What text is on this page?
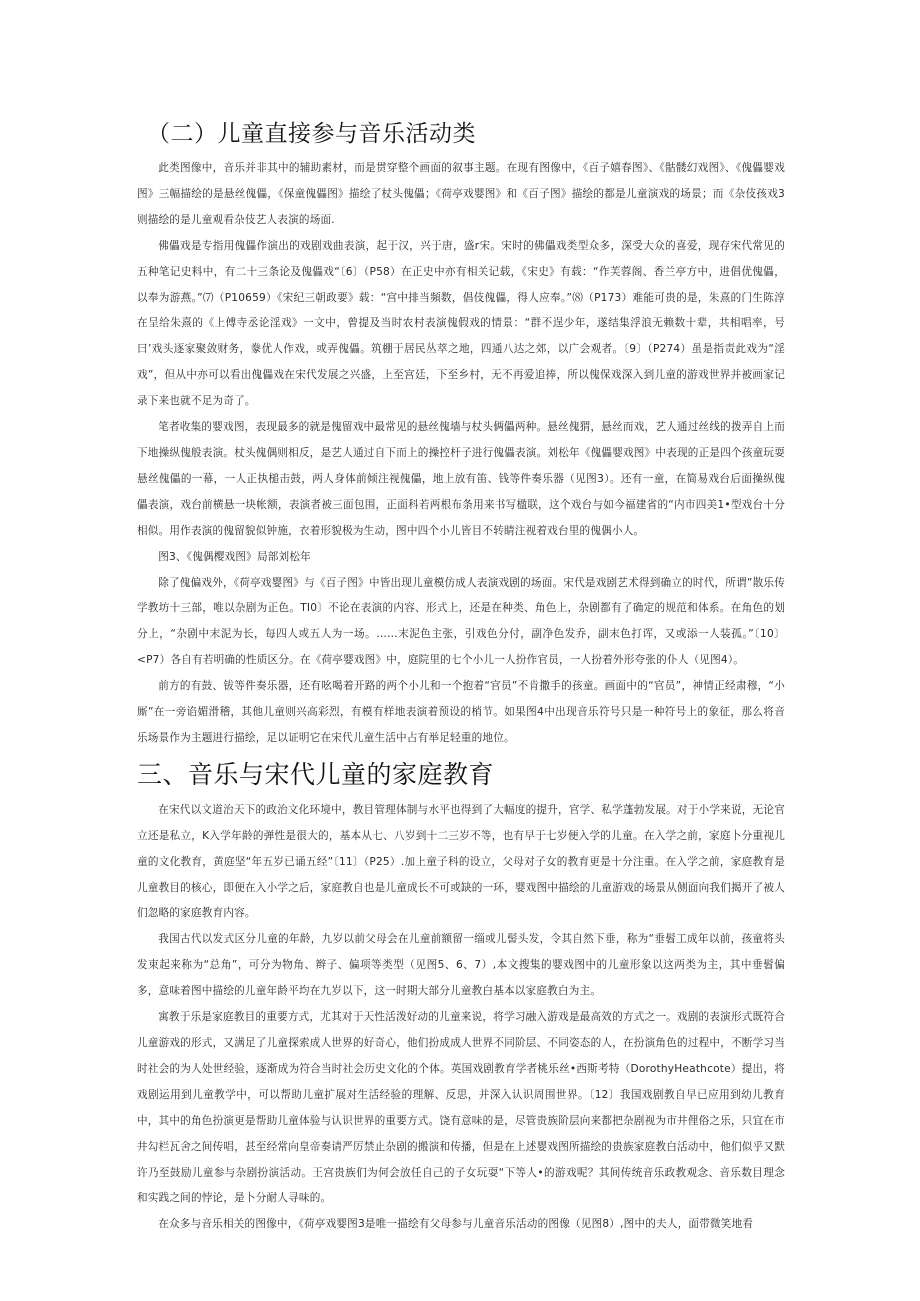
（二）儿童直接参与音乐活动类

此类图像中，音乐并非其中的辅助素材，而是贯穿整个画面的叙事主题。在现有图像中，《百子嬉春图》、《骷髅幻戏图》、《傀儡婴戏图》三幅描绘的是悬丝傀儡，《保童傀儡图》描绘了杖头傀儡；《荷亭戏婴图》和《百子图》描绘的都是儿童演戏的场景；而《杂伎孩戏3则描绘的是儿童观看杂伎艺人表演的场面.

佛儡戏是专指用傀儡作演出的戏剧戏曲表演，起于汉，兴于唐，盛r宋。宋时的佛儡戏类型众多，深受大众的喜爱，现存宋代常见的五种笔记史料中，有二十三条论及傀儡戏“〔6〕（P58）在正史中亦有相关记载，《宋史》有载：“作芙蓉阁、香兰亭方中，进倡优傀儡，以奉为游燕。”⑺（P10659）《宋纪三朝政要》载：“宫中排当頻数，倡伎傀儡，得人应奉。”⑻（P173）难能可贵的是，朱熹的门生陈淳在呈给朱熹的《上傅寺丞论淫戏》一文中，曾提及当时农村表演傀假戏的情景：“群不逞少年，遂结集浮浪无赖数十辈，共相唱率，号曰’戏头逐家聚敛财务，豢优人作戏，或弄傀儡。筑棚于居民丛萃之地，四通八达之郊，以广会观者。〔9〕（P274）虽是指责此戏为“淫戏”，但从中亦可以看出傀儡戏在宋代发展之兴盛，上至宫廷，下至乡村，无不再爱追捧，所以傀保戏深入到儿童的游戏世界并被画家记录下来也就不足为奇了。

笔者收集的婴戏图，表现最多的就是傀留戏中最常见的悬丝傀墙与杖头俩儡两种。悬丝傀猬，悬丝而戏，艺人通过丝线的拨弄自上而下地操纵傀般表演。杖头傀偶则相反，是艺人通过自下而上的操控杆子进行傀儡表演。刘松年《傀儡婴戏图》中表现的正是四个孩童玩耍悬丝傀儡的一幕，一人正执槌击鼓，两人身体前倾注视傀儡，地上放有笛、钱等件奏乐器（见图3）。还有一童，在简易戏台后面操纵傀儡表演，戏台前横悬一块帐额，表演者被三面包围，正面科若两根布条用来书写楹联，这个戏台与如今福建省的“内市四美1•型戏台十分相似。用作表演的傀留貌似钟施，衣着形貌极为生动，图中四个小儿皆目不转睛注视着戏台里的傀偶小人。

图3、《傀偶樱戏图》局部刘松年

除了傀偏戏外，《荷亭戏婴图》与《百子图》中皆出现儿童模仿成人表演戏剧的场面。宋代是戏剧艺术得到确立的时代，所谓”散乐传学教坊十三部，唯以杂剧为正色。TI0〕不论在表演的内容、形式上，还是在种类、角色上，杂剧都有了确定的规范和体系。在角色的划分上，“杂剧中末泥为长，每四人或五人为一场。……末泥色主张，引戏色分付，副净色发乔，副末色打诨，又或添一人装孤。”〔10〕<P7）各自有若明确的性质区分。在《荷亭婴戏图》中，庭院里的七个小儿一人扮作官员，一人扮着外形夸张的仆人（见图4）。

前方的有鼓、钹等件奏乐器，还有吆喝着开路的两个小儿和一个抱着“官员”不肯撒手的孩童。画面中的“官员”，神情正经肃穆，“小厮”在一旁谄媚滑稽，其他儿童则兴高彩烈，有模有样地表演着预设的梢节。如果图4中出现音乐符号只是一种符号上的象征，那么将音乐场景作为主题进行描绘，足以证明它在宋代儿童生活中占有举足轻重的地位。

三、音乐与宋代儿童的家庭教育

在宋代以文道治天下的政治文化环境中，教目管理体制与水平也得到了大幅度的提升，官学、私学蓬勃发展。对于小学来说，无论官立还是私立，K入学年龄的弹性是很大的，基本从七、八岁到十二三岁不等，也有早于七岁便入学的儿童。在入学之前，家庭卜分重视儿童的文化教育，黄庭坚“年五岁已诵五经”〔11〕（P25）.加上童子科的设立，父母对子女的教育更是十分注重。在入学之前，家庭教育是儿童教目的核心，即便在入小学之后，家庭教自也是儿童成长不可或缺的一环，婴戏图中描绘的儿童游戏的场景从侧面向我们揭开了被人们忽略的家庭教育内容。

我国古代以发式区分儿童的年龄，九岁以前父母会在儿童前额留一缁或儿髻头发，令其自然下垂，称为“垂髫工成年以前，孩童将头发束起来称为“总角”，可分为物角、辫子、偏项等类型（见图5、6、7）,本文搜集的婴戏图中的儿童形象以这两类为主，其中垂髫偏多，意味着图中描绘的儿童年龄平均在九岁以下，这一时期大部分儿童教白基本以家庭教白为主。

寓教于乐是家庭教目的重要方式，尤其对于天性活泼好动的儿童来说，将学习融入游戏是最高效的方式之一。戏剧的表演形式既符合儿童游戏的形式，又满足了儿童探索成人世界的好奇心，他们扮成成人世界不同阶层、不同姿态的人，在扮演角色的过程中，不断学习当时社会的为人处世经验，逐渐成为符合当时社会历史文化的个体。英国戏剧教育学者桃乐丝•西斯考特（DorothyHeathcote）提出，将戏剧运用到儿童教学中，可以帮助儿童扩展对生活经验的理解、反思，并深入认识周围世界。〔12〕我国戏剧教自早已应用到幼儿教育中，其中的角色扮演更是帮助儿童体验与认识世界的重要方式。饶有意味的是，尽管贵族阶层向来都把杂剧视为市井俚俗之乐，只宜在市井勾栏瓦舍之间传唱，甚至经常向皇帝奏请严厉禁止杂剧的搬演和传播，但是在上述婴戏图所描绘的贵族家庭教白活动中，他们似乎又默许乃至鼓励儿童参与杂剧扮演活动。王宫贵族们为何会放任自己的子女玩耍“下等人•的游戏呢？其间传统音乐政教观念、音乐数目理念和实践之间的悖论，是卜分耐人寻味的。

在众多与音乐相关的图像中，《荷亭戏婴图3是唯一描绘有父母参与儿童音乐活动的图像（见图8）,图中的夫人，面带微笑地看
